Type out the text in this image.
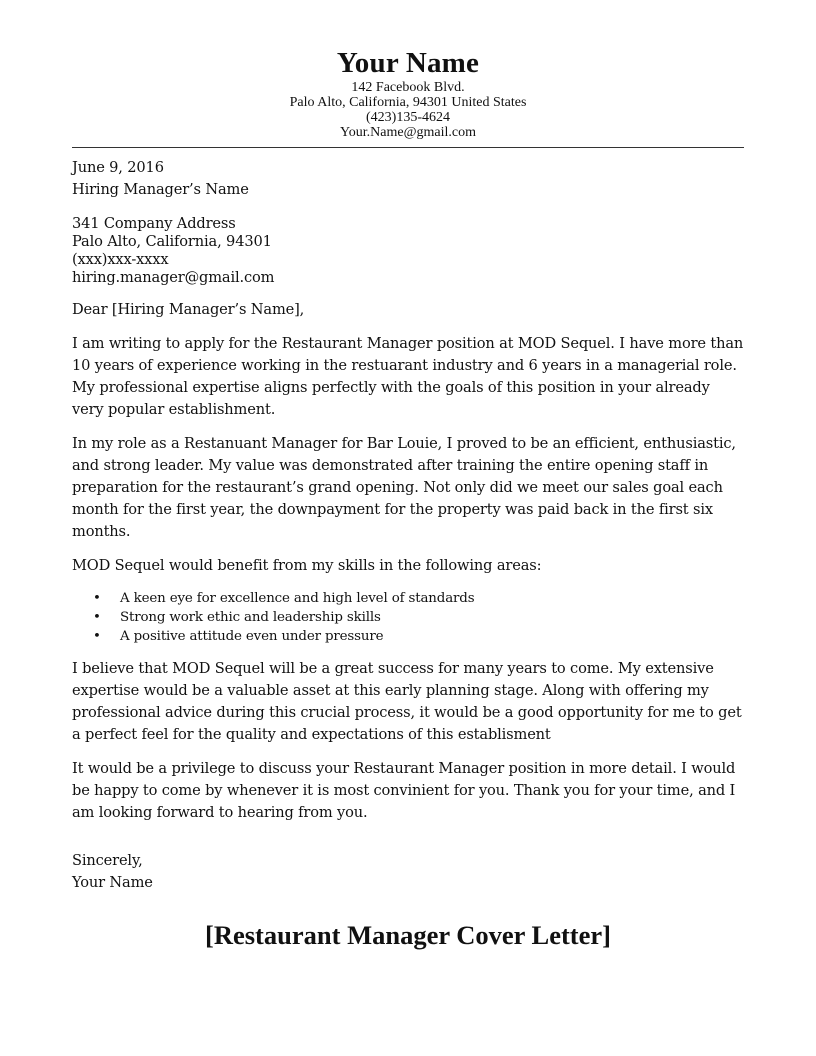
Your Name
142 Facebook Blvd.
Palo Alto, California, 94301 United States
(423)135-4624
Your.Name@gmail.com

June 9, 2016

Hiring Manager’s Name

341 Company Address

Palo Alto, California, 94301

(xxx)xxx-xxxx

hiring.manager@gmail.com

Dear [Hiring Manager’s Name],

I am writing to apply for the Restaurant Manager position at MOD Sequel. I have more than 10 years of experience working in the restuarant industry and 6 years in a managerial role. My professional expertise aligns perfectly with the goals of this position in your already very popular establishment.

In my role as a Restanuant Manager for Bar Louie, I proved to be an efficient, enthusiastic, and strong leader. My value was demonstrated after training the entire opening staff in preparation for the restaurant’s grand opening. Not only did we meet our sales goal each month for the first year, the downpayment for the property was paid back in the first six months.

MOD Sequel would benefit from my skills in the following areas:

• A keen eye for excellence and high level of standards
• Strong work ethic and leadership skills
• A positive attitude even under pressure

I believe that MOD Sequel will be a great success for many years to come. My extensive expertise would be a valuable asset at this early planning stage. Along with offering my professional advice during this crucial process, it would be a good opportunity for me to get a perfect feel for the quality and expectations of this establisment

It would be a privilege to discuss your Restaurant Manager position in more detail. I would be happy to come by whenever it is most convinient for you. Thank you for your time, and I am looking forward to hearing from you.

Sincerely,

Your Name

[Restaurant Manager Cover Letter]
